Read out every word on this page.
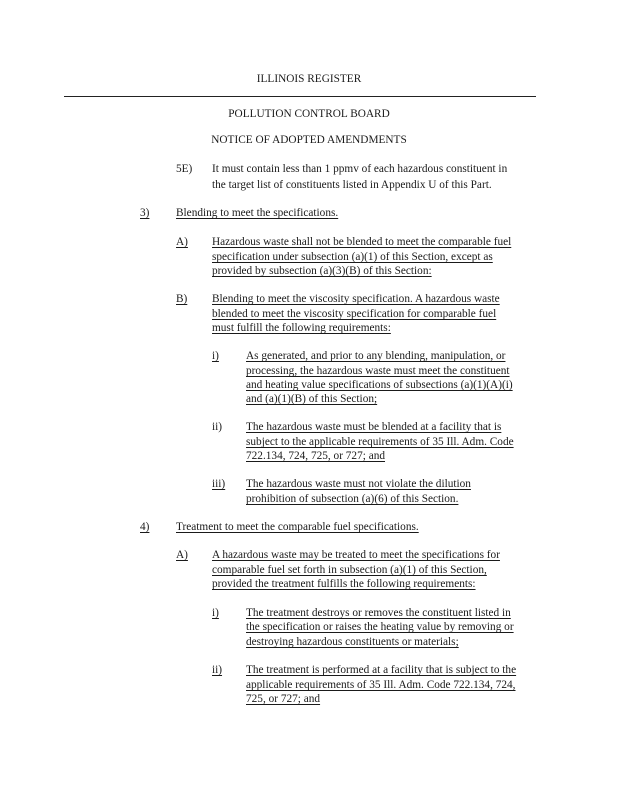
ILLINOIS REGISTER
POLLUTION CONTROL BOARD
NOTICE OF ADOPTED AMENDMENTS
5E) It must contain less than 1 ppmv of each hazardous constituent in
the target list of constituents listed in Appendix U of this Part.
3) Blending to meet the specifications.
A) Hazardous waste shall not be blended to meet the comparable fuel
specification under subsection (a)(1) of this Section, except as
provided by subsection (a)(3)(B) of this Section:
B) Blending to meet the viscosity specification. A hazardous waste
blended to meet the viscosity specification for comparable fuel
must fulfill the following requirements:
i) As generated, and prior to any blending, manipulation, or
processing, the hazardous waste must meet the constituent
and heating value specifications of subsections (a)(1)(A)(i)
and (a)(1)(B) of this Section;
ii) The hazardous waste must be blended at a facility that is
subject to the applicable requirements of 35 Ill. Adm. Code
722.134, 724, 725, or 727; and
iii) The hazardous waste must not violate the dilution
prohibition of subsection (a)(6) of this Section.
4) Treatment to meet the comparable fuel specifications.
A) A hazardous waste may be treated to meet the specifications for
comparable fuel set forth in subsection (a)(1) of this Section,
provided the treatment fulfills the following requirements:
i) The treatment destroys or removes the constituent listed in
the specification or raises the heating value by removing or
destroying hazardous constituents or materials;
ii) The treatment is performed at a facility that is subject to the
applicable requirements of 35 Ill. Adm. Code 722.134, 724,
725, or 727; and
